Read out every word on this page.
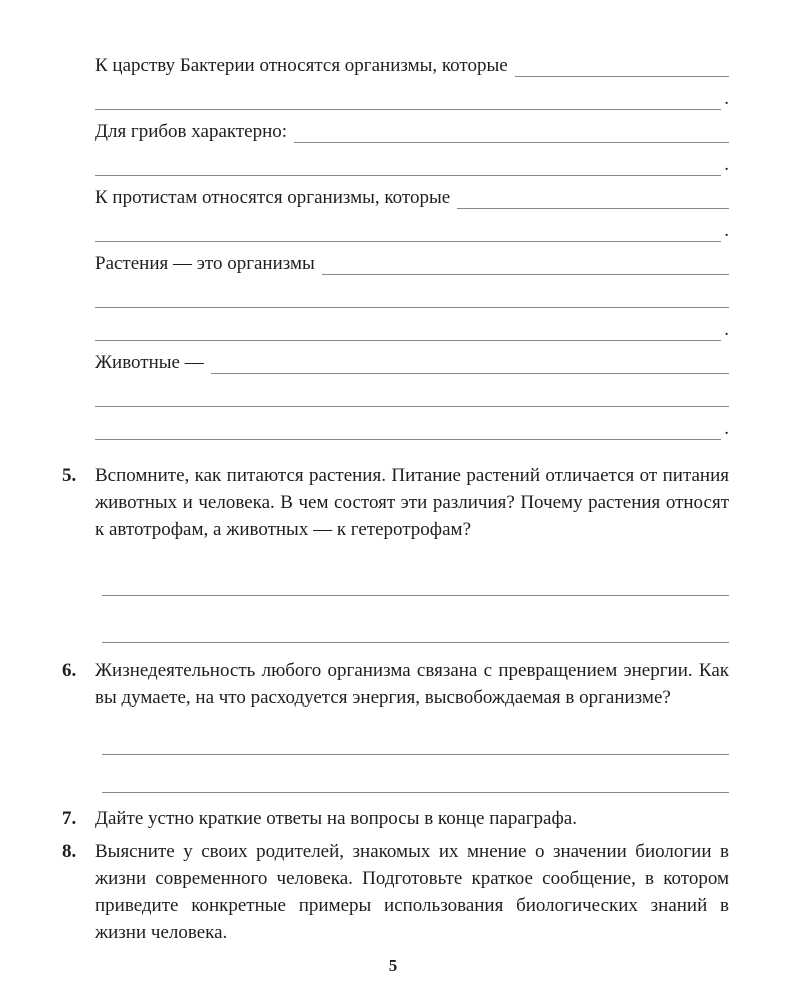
К царству Бактерии относятся организмы, которые
.
Для грибов характерно:
.
К протистам относятся организмы, которые
.
Растения — это организмы
.
Животные —
.
5. Вспомните, как питаются растения. Питание растений отличается от питания животных и человека. В чем состоят эти различия? Почему растения относят к автотрофам, а животных — к гетеротрофам?
6. Жизнедеятельность любого организма связана с превращением энергии. Как вы думаете, на что расходуется энергия, высвобождаемая в организме?
7. Дайте устно краткие ответы на вопросы в конце параграфа.
8. Выясните у своих родителей, знакомых их мнение о значении биологии в жизни современного человека. Подготовьте краткое сообщение, в котором приведите конкретные примеры использования биологических знаний в жизни человека.
5
